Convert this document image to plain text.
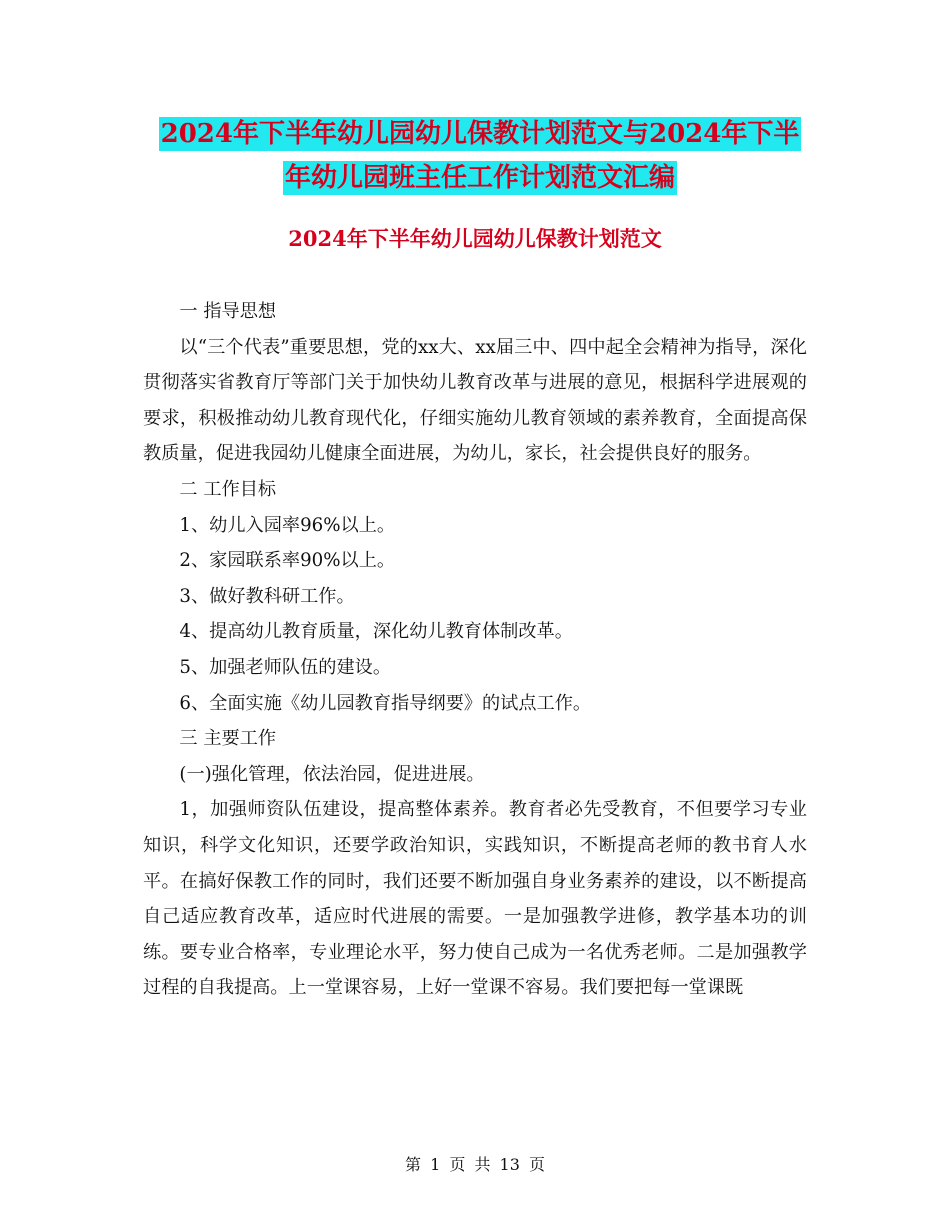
2024年下半年幼儿园幼儿保教计划范文与2024年下半
年幼儿园班主任工作计划范文汇编
2024年下半年幼儿园幼儿保教计划范文

一 指导思想

以“三个代表”重要思想，党的xx大、xx届三中、四中起全会精神为指导，深化贯彻落实省教育厅等部门关于加快幼儿教育改革与进展的意见，根据科学进展观的要求，积极推动幼儿教育现代化，仔细实施幼儿教育领域的素养教育，全面提高保教质量，促进我园幼儿健康全面进展，为幼儿，家长，社会提供良好的服务。

二 工作目标

1、幼儿入园率96%以上。

2、家园联系率90%以上。

3、做好教科研工作。

4、提高幼儿教育质量，深化幼儿教育体制改革。

5、加强老师队伍的建设。

6、全面实施《幼儿园教育指导纲要》的试点工作。

三 主要工作

(一)强化管理，依法治园，促进进展。

1，加强师资队伍建设，提高整体素养。教育者必先受教育，不但要学习专业知识，科学文化知识，还要学政治知识，实践知识，不断提高老师的教书育人水平。在搞好保教工作的同时，我们还要不断加强自身业务素养的建设，以不断提高自己适应教育改革，适应时代进展的需要。一是加强教学进修，教学基本功的训练。要专业合格率，专业理论水平，努力使自己成为一名优秀老师。二是加强教学过程的自我提高。上一堂课容易，上好一堂课不容易。我们要把每一堂课既

第 1 页 共 13 页
